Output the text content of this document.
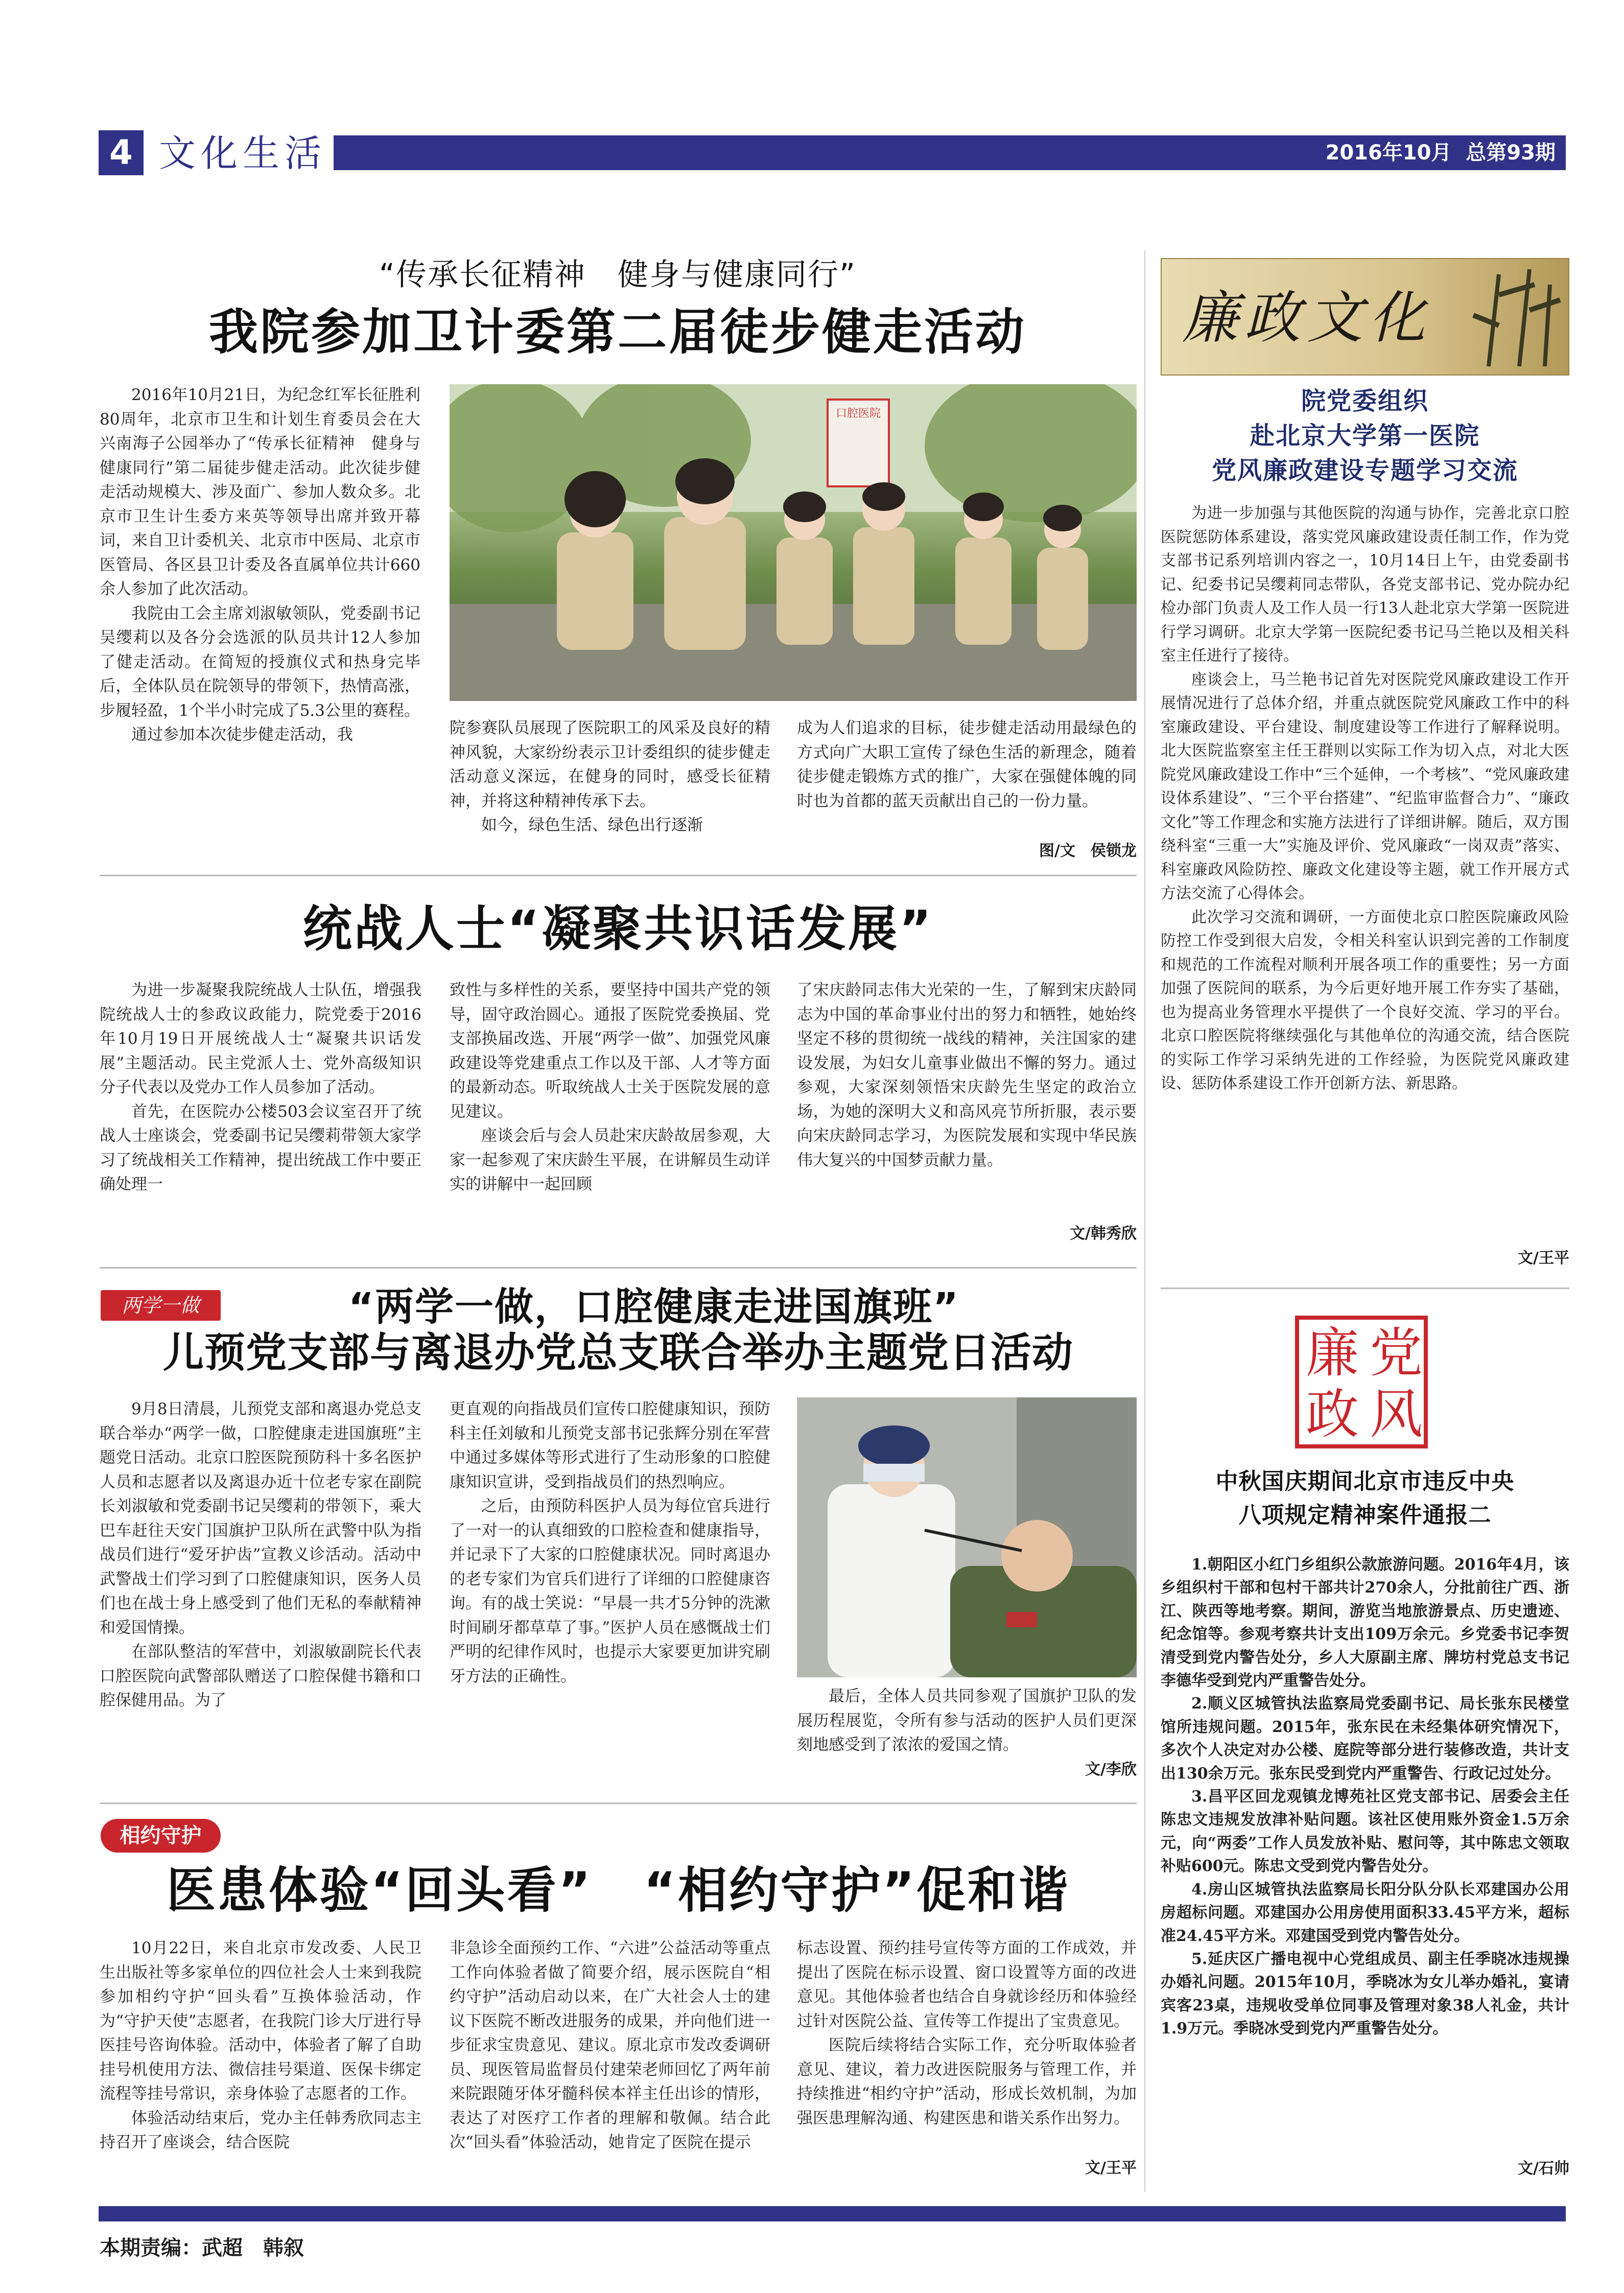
4 文化生活	2016年10月  总第93期
“传承长征精神　健身与健康同行”
我院参加卫计委第二届徒步健走活动

2016年10月21日，为纪念红军长征胜利80周年，北京市卫生和计划生育委员会在大兴南海子公园举办了“传承长征精神　健身与健康同行”第二届徒步健走活动。此次徒步健走活动规模大、涉及面广、参加人数众多。北京市卫生计生委方来英等领导出席并致开幕词，来自卫计委机关、北京市中医局、北京市医管局、各区县卫计委及各直属单位共计660余人参加了此次活动。

我院由工会主席刘淑敏领队，党委副书记吴缨莉以及各分会选派的队员共计12人参加了健走活动。在简短的授旗仪式和热身完毕后，全体队员在院领导的带领下，热情高涨，步履轻盈，1个半小时完成了5.3公里的赛程。

通过参加本次徒步健走活动，我

口腔医院

院参赛队员展现了医院职工的风采及良好的精神风貌，大家纷纷表示卫计委组织的徒步健走活动意义深远，在健身的同时，感受长征精神，并将这种精神传承下去。

如今，绿色生活、绿色出行逐渐

成为人们追求的目标，徒步健走活动用最绿色的方式向广大职工宣传了绿色生活的新理念，随着徒步健走锻炼方式的推广，大家在强健体魄的同时也为首都的蓝天贡献出自己的一份力量。

图/文　侯锁龙
统战人士“凝聚共识话发展”

为进一步凝聚我院统战人士队伍，增强我院统战人士的参政议政能力，院党委于2016年10月19日开展统战人士“凝聚共识话发展”主题活动。民主党派人士、党外高级知识分子代表以及党办工作人员参加了活动。

首先，在医院办公楼503会议室召开了统战人士座谈会，党委副书记吴缨莉带领大家学习了统战相关工作精神，提出统战工作中要正确处理一

致性与多样性的关系，要坚持中国共产党的领导，固守政治圆心。通报了医院党委换届、党支部换届改选、开展“两学一做”、加强党风廉政建设等党建重点工作以及干部、人才等方面的最新动态。听取统战人士关于医院发展的意见建议。

座谈会后与会人员赴宋庆龄故居参观，大家一起参观了宋庆龄生平展，在讲解员生动详实的讲解中一起回顾

了宋庆龄同志伟大光荣的一生，了解到宋庆龄同志为中国的革命事业付出的努力和牺牲，她始终坚定不移的贯彻统一战线的精神，关注国家的建设发展，为妇女儿童事业做出不懈的努力。通过参观，大家深刻领悟宋庆龄先生坚定的政治立场，为她的深明大义和高风亮节所折服，表示要向宋庆龄同志学习，为医院发展和实现中华民族伟大复兴的中国梦贡献力量。

文/韩秀欣
两学一做	“两学一做，口腔健康走进国旗班”
儿预党支部与离退办党总支联合举办主题党日活动

9月8日清晨，儿预党支部和离退办党总支联合举办“两学一做，口腔健康走进国旗班”主题党日活动。北京口腔医院预防科十多名医护人员和志愿者以及离退办近十位老专家在副院长刘淑敏和党委副书记吴缨莉的带领下，乘大巴车赶往天安门国旗护卫队所在武警中队为指战员们进行“爱牙护齿”宣教义诊活动。活动中武警战士们学习到了口腔健康知识，医务人员们也在战士身上感受到了他们无私的奉献精神和爱国情操。

在部队整洁的军营中，刘淑敏副院长代表口腔医院向武警部队赠送了口腔保健书籍和口腔保健用品。为了

更直观的向指战员们宣传口腔健康知识，预防科主任刘敏和儿预党支部书记张辉分别在军营中通过多媒体等形式进行了生动形象的口腔健康知识宣讲，受到指战员们的热烈响应。

之后，由预防科医护人员为每位官兵进行了一对一的认真细致的口腔检查和健康指导，并记录下了大家的口腔健康状况。同时离退办的老专家们为官兵们进行了详细的口腔健康咨询。有的战士笑说：“早晨一共才5分钟的洗漱时间刷牙都草草了事。”医护人员在感慨战士们严明的纪律作风时，也提示大家要更加讲究刷牙方法的正确性。

最后，全体人员共同参观了国旗护卫队的发展历程展览，令所有参与活动的医护人员们更深刻地感受到了浓浓的爱国之情。

文/李欣
相约守护
医患体验“回头看”　“相约守护”促和谐

10月22日，来自北京市发改委、人民卫生出版社等多家单位的四位社会人士来到我院参加相约守护“回头看”互换体验活动，作为“守护天使”志愿者，在我院门诊大厅进行导医挂号咨询体验。活动中，体验者了解了自助挂号机使用方法、微信挂号渠道、医保卡绑定流程等挂号常识，亲身体验了志愿者的工作。

体验活动结束后，党办主任韩秀欣同志主持召开了座谈会，结合医院

非急诊全面预约工作、“六进”公益活动等重点工作向体验者做了简要介绍，展示医院自“相约守护”活动启动以来，在广大社会人士的建议下医院不断改进服务的成果，并向他们进一步征求宝贵意见、建议。原北京市发改委调研员、现医管局监督员付建荣老师回忆了两年前来院跟随牙体牙髓科侯本祥主任出诊的情形，表达了对医疗工作者的理解和敬佩。结合此次“回头看”体验活动，她肯定了医院在提示

标志设置、预约挂号宣传等方面的工作成效，并提出了医院在标示设置、窗口设置等方面的改进意见。其他体验者也结合自身就诊经历和体验经过针对医院公益、宣传等工作提出了宝贵意见。

医院后续将结合实际工作，充分听取体验者意见、建议，着力改进医院服务与管理工作，并持续推进“相约守护”活动，形成长效机制，为加强医患理解沟通、构建医患和谐关系作出努力。

文/王平
廉政文化
院党委组织
赴北京大学第一医院
党风廉政建设专题学习交流

为进一步加强与其他医院的沟通与协作，完善北京口腔医院惩防体系建设，落实党风廉政建设责任制工作，作为党支部书记系列培训内容之一，10月14日上午，由党委副书记、纪委书记吴缨莉同志带队，各党支部书记、党办院办纪检办部门负责人及工作人员一行13人赴北京大学第一医院进行学习调研。北京大学第一医院纪委书记马兰艳以及相关科室主任进行了接待。

座谈会上，马兰艳书记首先对医院党风廉政建设工作开展情况进行了总体介绍，并重点就医院党风廉政工作中的科室廉政建设、平台建设、制度建设等工作进行了解释说明。北大医院监察室主任王群则以实际工作为切入点，对北大医院党风廉政建设工作中“三个延伸，一个考核”、“党风廉政建设体系建设”、“三个平台搭建”、“纪监审监督合力”、“廉政文化”等工作理念和实施方法进行了详细讲解。随后，双方围绕科室“三重一大”实施及评价、党风廉政“一岗双责”落实、科室廉政风险防控、廉政文化建设等主题，就工作开展方式方法交流了心得体会。

此次学习交流和调研，一方面使北京口腔医院廉政风险防控工作受到很大启发，令相关科室认识到完善的工作制度和规范的工作流程对顺利开展各项工作的重要性；另一方面加强了医院间的联系，为今后更好地开展工作夯实了基础，也为提高业务管理水平提供了一个良好交流、学习的平台。北京口腔医院将继续强化与其他单位的沟通交流，结合医院的实际工作学习采纳先进的工作经验，为医院党风廉政建设、惩防体系建设工作开创新方法、新思路。

文/王平
党
廉
风
政
中秋国庆期间北京市违反中央
八项规定精神案件通报二

1.朝阳区小红门乡组织公款旅游问题。2016年4月，该乡组织村干部和包村干部共计270余人，分批前往广西、浙江、陕西等地考察。期间，游览当地旅游景点、历史遗迹、纪念馆等。参观考察共计支出109万余元。乡党委书记李贺清受到党内警告处分，乡人大原副主席、牌坊村党总支书记李德华受到党内严重警告处分。

2.顺义区城管执法监察局党委副书记、局长张东民楼堂馆所违规问题。2015年，张东民在未经集体研究情况下，多次个人决定对办公楼、庭院等部分进行装修改造，共计支出130余万元。张东民受到党内严重警告、行政记过处分。

3.昌平区回龙观镇龙博苑社区党支部书记、居委会主任陈忠文违规发放津补贴问题。该社区使用账外资金1.5万余元，向“两委”工作人员发放补贴、慰问等，其中陈忠文领取补贴600元。陈忠文受到党内警告处分。

4.房山区城管执法监察局长阳分队分队长邓建国办公用房超标问题。邓建国办公用房使用面积33.45平方米，超标准24.45平方米。邓建国受到党内警告处分。

5.延庆区广播电视中心党组成员、副主任季晓冰违规操办婚礼问题。2015年10月，季晓冰为女儿举办婚礼，宴请宾客23桌，违规收受单位同事及管理对象38人礼金，共计1.9万元。季晓冰受到党内严重警告处分。

文/石帅
本期责编：武超　韩叙
